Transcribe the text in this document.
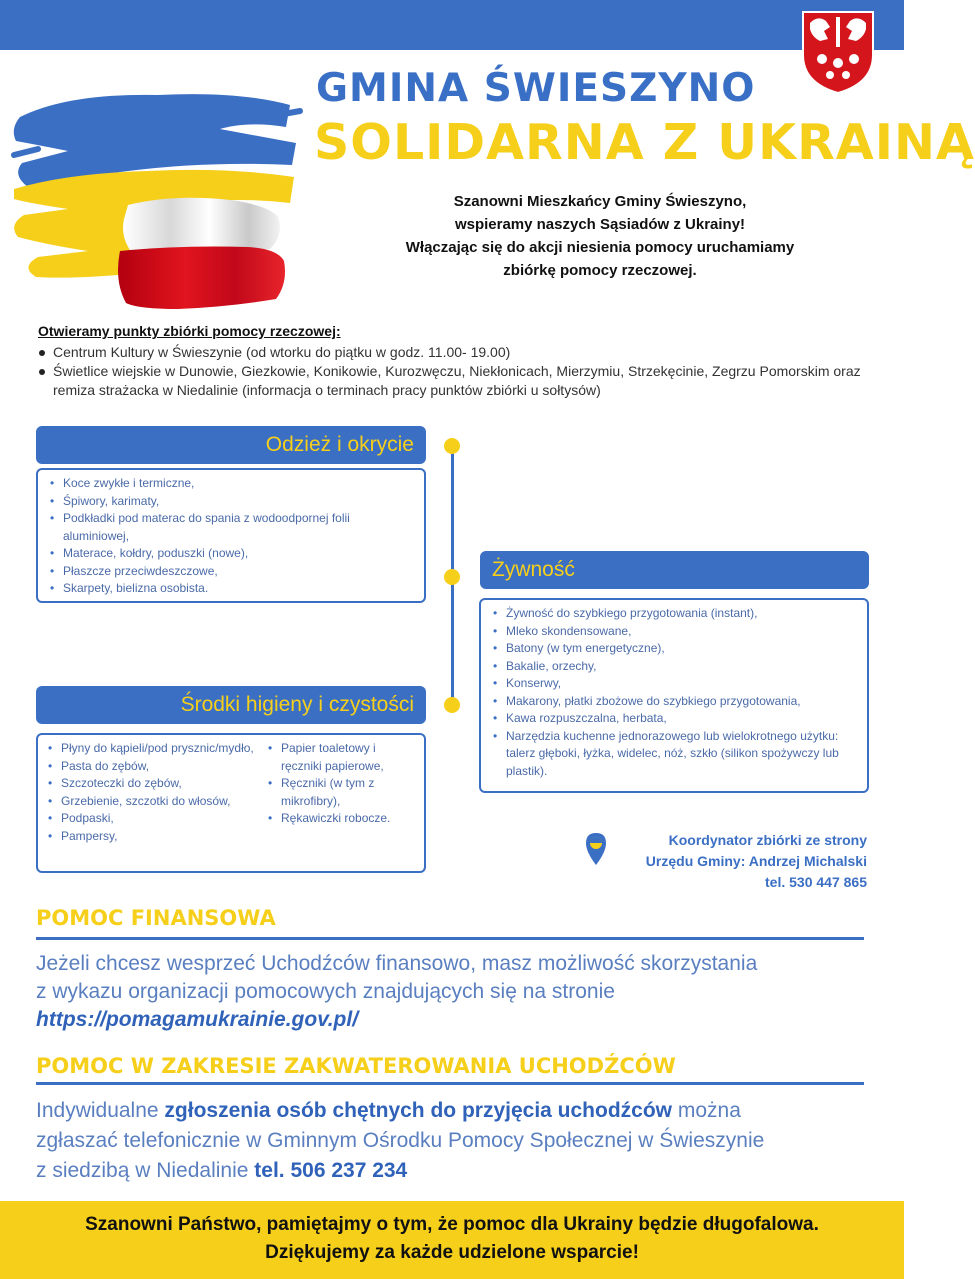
GMINA ŚWIESZYNO
SOLIDARNA Z UKRAINĄ
Szanowni Mieszkańcy Gminy Świeszyno,
wspieramy naszych Sąsiadów z Ukrainy!
Włączając się do akcji niesienia pomocy uruchamiamy
zbiórkę pomocy rzeczowej.
Otwieramy punkty zbiórki pomocy rzeczowej:
Centrum Kultury w Świeszynie (od wtorku do piątku w godz. 11.00- 19.00)
Świetlice wiejskie w Dunowie, Giezkowie, Konikowie, Kurozwęczu, Niekłonicach, Mierzymiu, Strzekęcinie, Zegrzu Pomorskim oraz remiza strażacka w Niedalinie (informacja o terminach pracy punktów zbiórki u sołtysów)
Odzież i okrycie
• Koce zwykłe i termiczne,
• Śpiwory, karimaty,
• Podkładki pod materac do spania z wodoodpornej folii aluminiowej,
• Materace, kołdry, poduszki (nowe),
• Płaszcze przeciwdeszczowe,
• Skarpety, bielizna osobista.
Żywność
• Żywność do szybkiego przygotowania (instant),
• Mleko skondensowane,
• Batony (w tym energetyczne),
• Bakalie, orzechy,
• Konserwy,
• Makarony, płatki zbożowe do szybkiego przygotowania,
• Kawa rozpuszczalna, herbata,
• Narzędzia kuchenne jednorazowego lub wielokrotnego użytku: talerz głęboki, łyżka, widelec, nóż, szkło (silikon spożywczy lub plastik).
Środki higieny i czystości
• Płyny do kąpieli/pod prysznic/mydło,
• Pasta do zębów,
• Szczoteczki do zębów,
• Grzebienie, szczotki do włosów,
• Podpaski,
• Pampersy,
• Papier toaletowy i ręczniki papierowe,
• Ręczniki (w tym z mikrofibry),
• Rękawiczki robocze.
Koordynator zbiórki ze strony
Urzędu Gminy: Andrzej Michalski
tel. 530 447 865
POMOC FINANSOWA
Jeżeli chcesz wesprzeć Uchodźców finansowo, masz możliwość skorzystania
z wykazu organizacji pomocowych znajdujących się na stronie
https://pomagamukrainie.gov.pl/
POMOC W ZAKRESIE ZAKWATEROWANIA UCHODŹCÓW
Indywidualne zgłoszenia osób chętnych do przyjęcia uchodźców można
zgłaszać telefonicznie w Gminnym Ośrodku Pomocy Społecznej w Świeszynie
z siedzibą w Niedalinie tel. 506 237 234
Szanowni Państwo, pamiętajmy o tym, że pomoc dla Ukrainy będzie długofalowa.
Dziękujemy za każde udzielone wsparcie!
